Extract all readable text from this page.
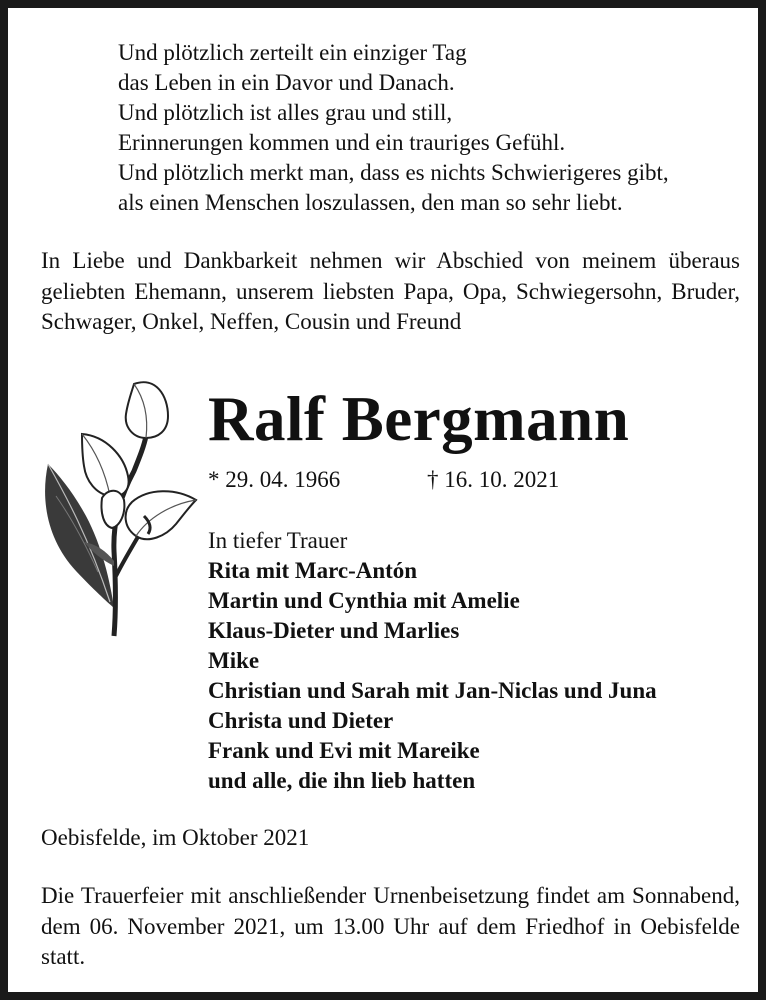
Und plötzlich zerteilt ein einziger Tag
das Leben in ein Davor und Danach.
Und plötzlich ist alles grau und still,
Erinnerungen kommen und ein trauriges Gefühl.
Und plötzlich merkt man, dass es nichts Schwierigeres gibt,
als einen Menschen loszulassen, den man so sehr liebt.

In Liebe und Dankbarkeit nehmen wir Abschied von meinem überaus geliebten Ehemann, unserem liebsten Papa, Opa, Schwiegersohn, Bruder, Schwager, Onkel, Neffen, Cousin und Freund

Ralf Bergmann
* 29. 04. 1966	† 16. 10. 2021
In tiefer Trauer
Rita mit Marc-Antón
Martin und Cynthia mit Amelie
Klaus-Dieter und Marlies
Mike
Christian und Sarah mit Jan-Niclas und Juna
Christa und Dieter
Frank und Evi mit Mareike
und alle, die ihn lieb hatten
Oebisfelde, im Oktober 2021
Die Trauerfeier mit anschließender Urnenbeisetzung findet am Sonnabend, dem 06. November 2021, um 13.00 Uhr auf dem Friedhof in Oebisfelde statt.
